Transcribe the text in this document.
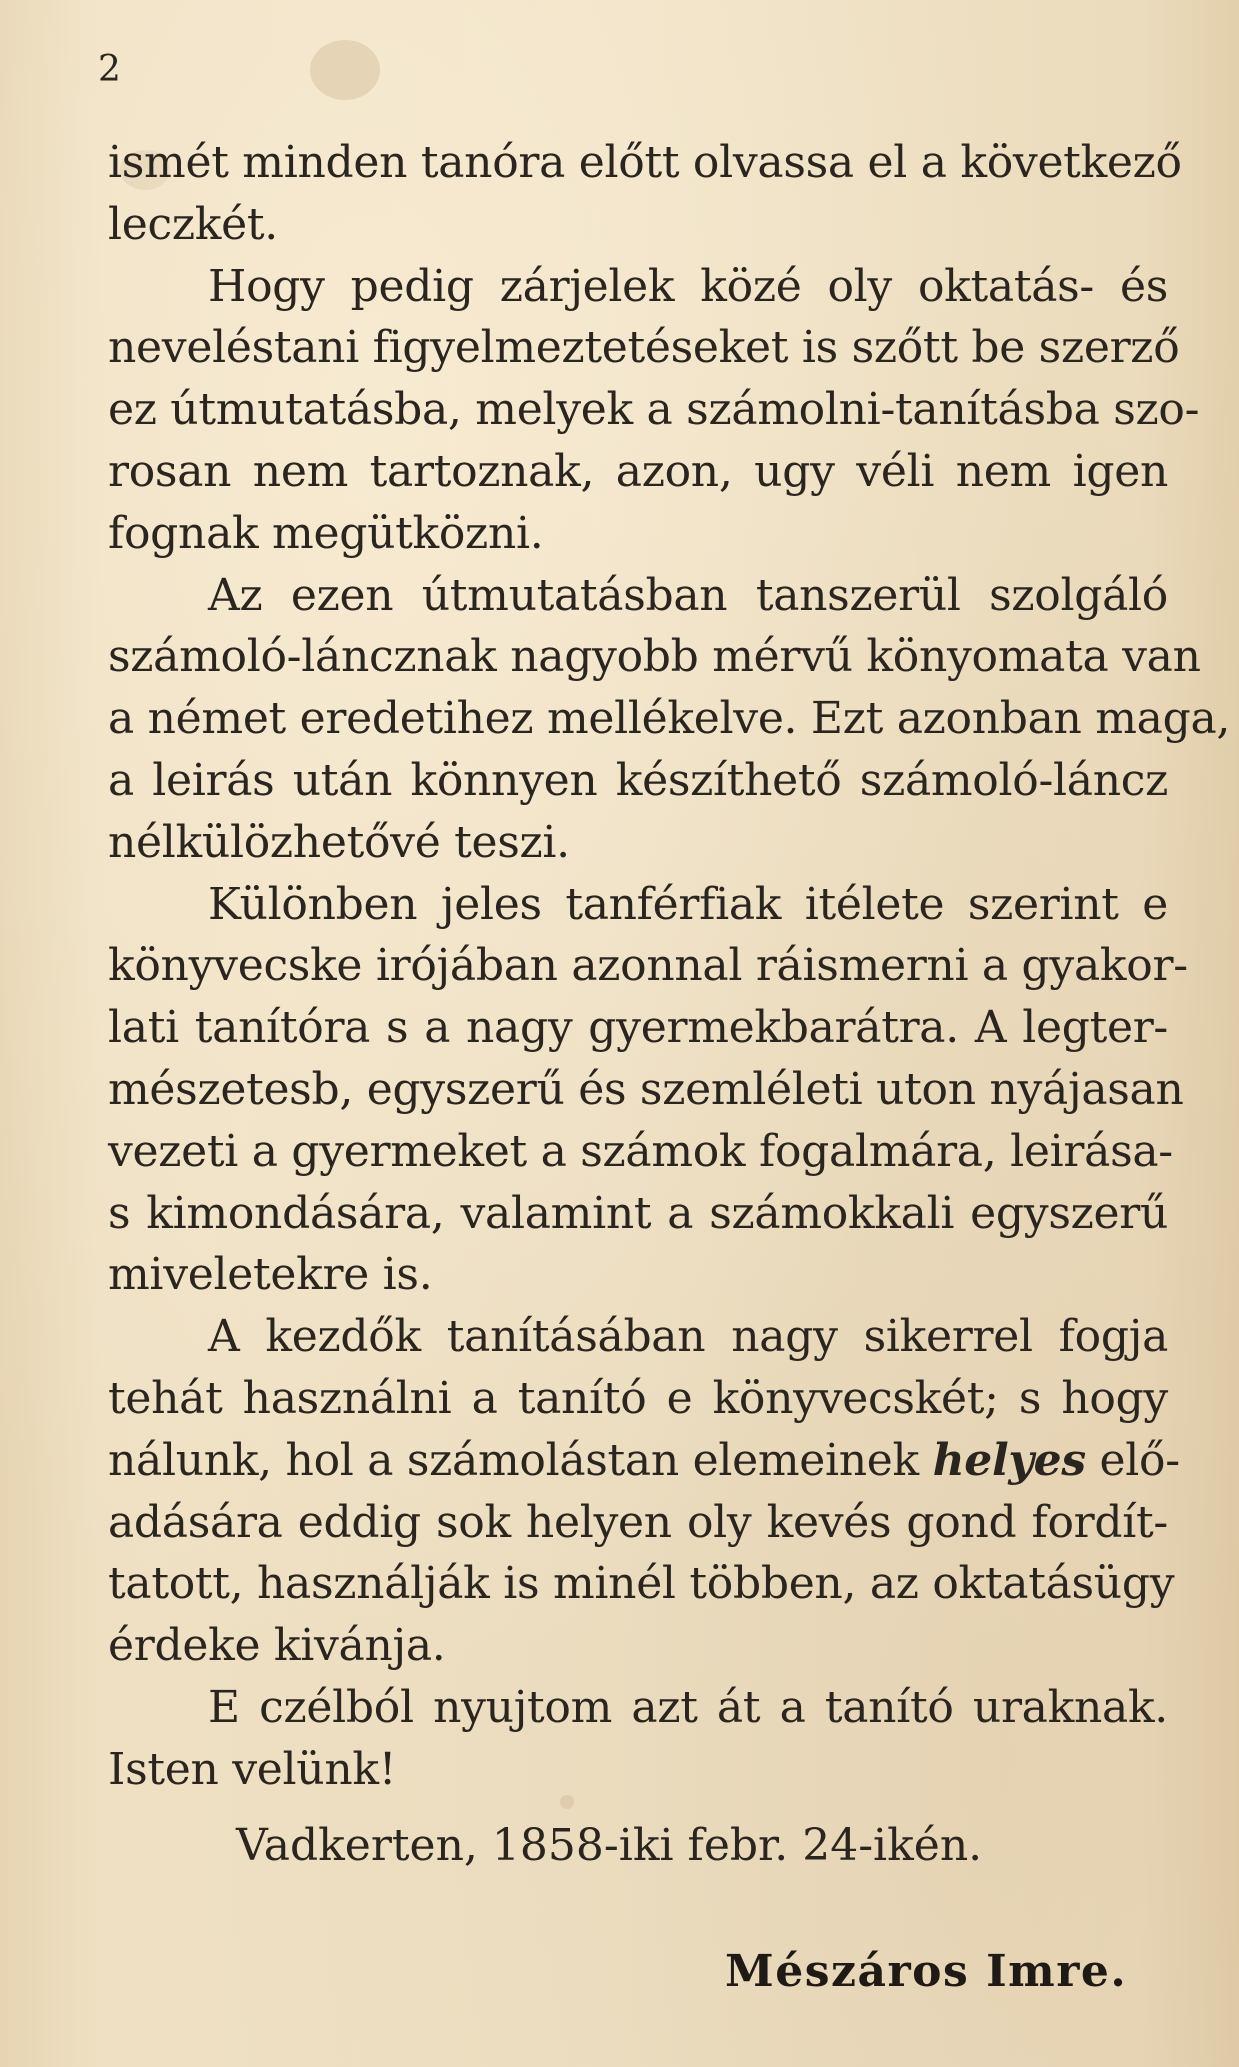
2
ismét minden tanóra előtt olvassa el a következő
leczkét.
Hogy pedig zárjelek közé oly oktatás- és
neveléstani figyelmeztetéseket is szőtt be szerző
ez útmutatásba, melyek a számolni-tanításba szo-
rosan nem tartoznak, azon, ugy véli nem igen
fognak megütközni.
Az ezen útmutatásban tanszerül szolgáló
számoló-láncznak nagyobb mérvű könyomata van
a német eredetihez mellékelve. Ezt azonban maga,
a leirás után könnyen készíthető számoló-láncz
nélkülözhetővé teszi.
Különben jeles tanférfiak itélete szerint e
könyvecske irójában azonnal ráismerni a gyakor-
lati tanítóra s a nagy gyermekbarátra. A legter-
mészetesb, egyszerű és szemléleti uton nyájasan
vezeti a gyermeket a számok fogalmára, leirása-
s kimondására, valamint a számokkali egyszerű
miveletekre is.
A kezdők tanításában nagy sikerrel fogja
tehát használni a tanító e könyvecskét; s hogy
nálunk, hol a számolástan elemeinek helyes elő-
adására eddig sok helyen oly kevés gond fordít-
tatott, használják is minél többen, az oktatásügy
érdeke kivánja.
E czélból nyujtom azt át a tanító uraknak.
Isten velünk!
Vadkerten, 1858-iki febr. 24-ikén.
Mészáros Imre.
